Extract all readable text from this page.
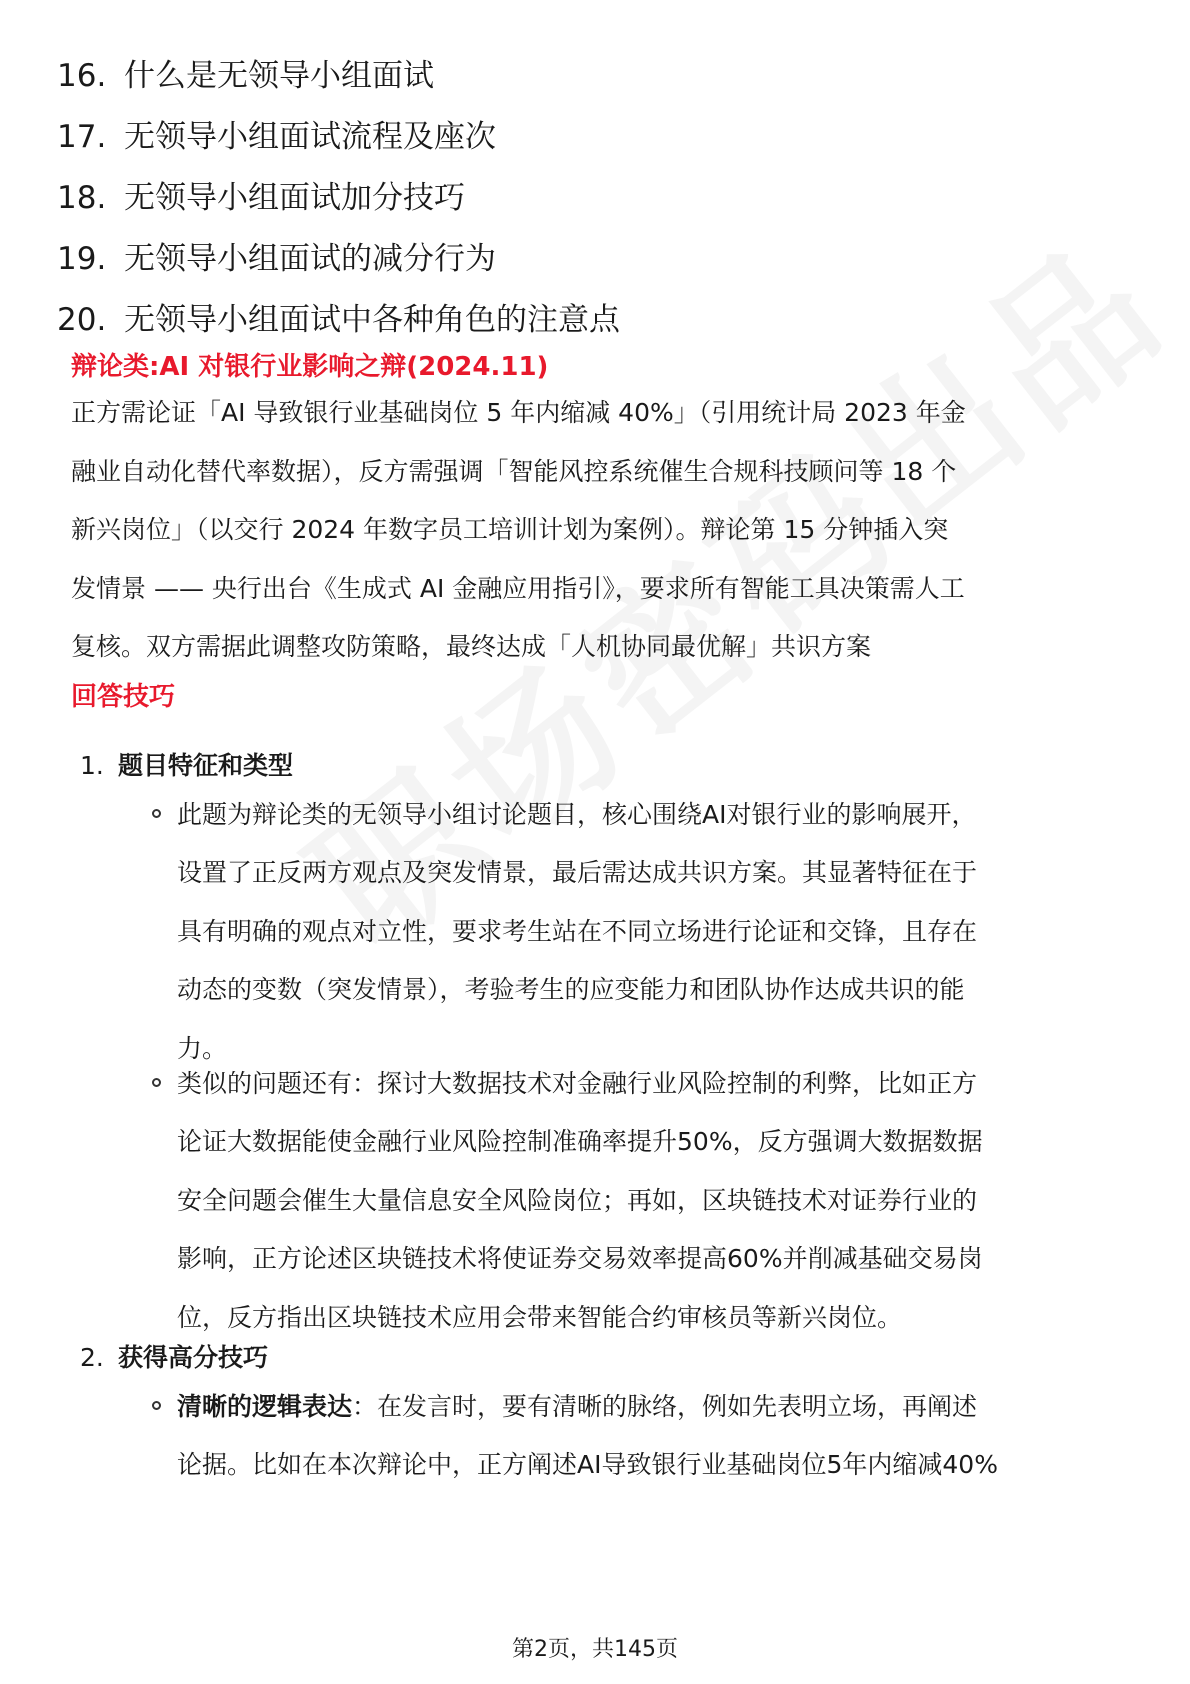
16. 什么是无领导小组面试
17. 无领导小组面试流程及座次
18. 无领导小组面试加分技巧
19. 无领导小组面试的减分行为
20. 无领导小组面试中各种角色的注意点
辩论类:AI 对银行业影响之辩(2024.11)
正方需论证「AI 导致银行业基础岗位 5 年内缩减 40%」（引用统计局 2023 年金
融业自动化替代率数据），反方需强调「智能风控系统催生合规科技顾问等 18 个
新兴岗位」（以交行 2024 年数字员工培训计划为案例）。辩论第 15 分钟插入突
发情景 —— 央行出台《生成式 AI 金融应用指引》，要求所有智能工具决策需人工
复核。双方需据此调整攻防策略，最终达成「人机协同最优解」共识方案
回答技巧
1. 题目特征和类型
此题为辩论类的无领导小组讨论题目，核心围绕AI对银行业的影响展开，
设置了正反两方观点及突发情景，最后需达成共识方案。其显著特征在于
具有明确的观点对立性，要求考生站在不同立场进行论证和交锋，且存在
动态的变数（突发情景），考验考生的应变能力和团队协作达成共识的能
力。
类似的问题还有：探讨大数据技术对金融行业风险控制的利弊，比如正方
论证大数据能使金融行业风险控制准确率提升50%，反方强调大数据数据
安全问题会催生大量信息安全风险岗位；再如，区块链技术对证券行业的
影响，正方论述区块链技术将使证券交易效率提高60%并削减基础交易岗
位，反方指出区块链技术应用会带来智能合约审核员等新兴岗位。
2. 获得高分技巧
清晰的逻辑表达：在发言时，要有清晰的脉络，例如先表明立场，再阐述
论据。比如在本次辩论中，正方阐述AI导致银行业基础岗位5年内缩减40%
第2页，共145页
